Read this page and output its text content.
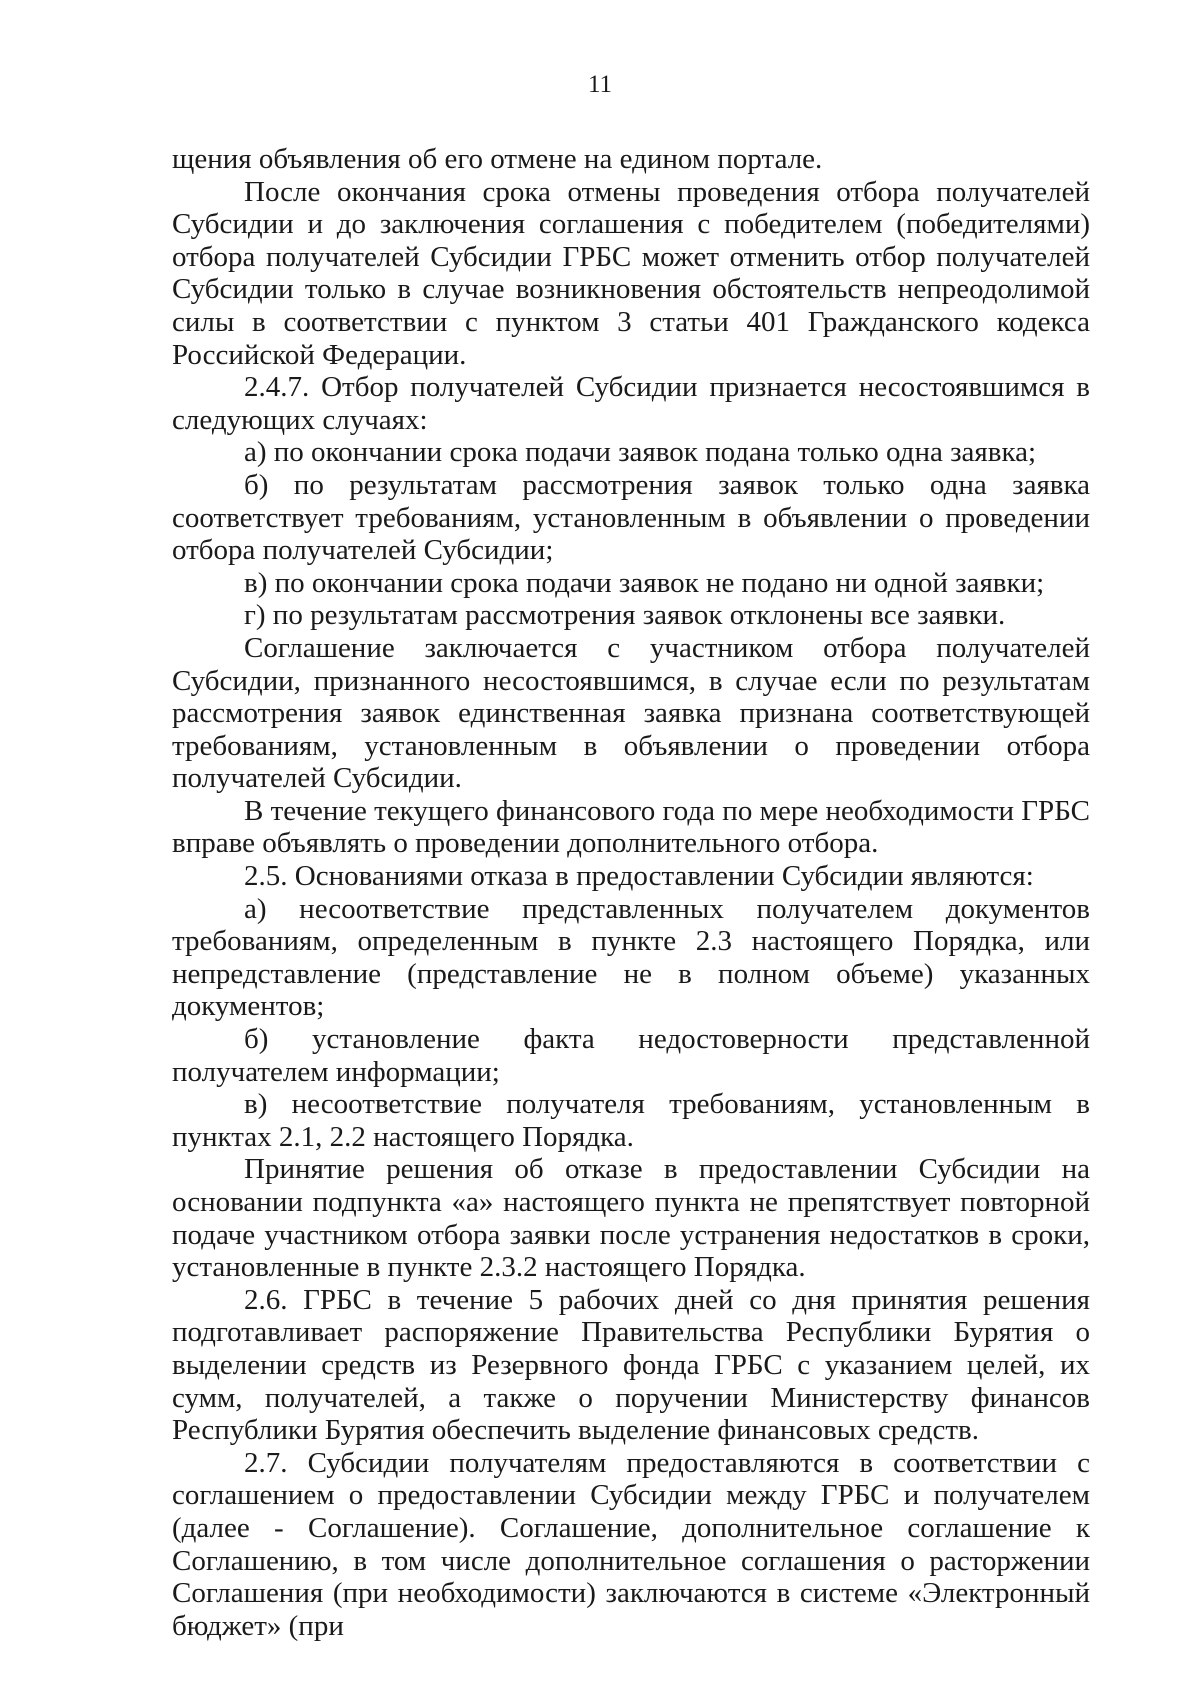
11

щения объявления об его отмене на едином портале.

После окончания срока отмены проведения отбора получателей Субсидии и до заключения соглашения с победителем (победителями) отбора получателей Субсидии ГРБС может отменить отбор получателей Субсидии только в случае возникновения обстоятельств непреодолимой силы в соответствии с пунктом 3 статьи 401 Гражданского кодекса Российской Федерации.

2.4.7. Отбор получателей Субсидии признается несостоявшимся в следующих случаях:

а) по окончании срока подачи заявок подана только одна заявка;

б) по результатам рассмотрения заявок только одна заявка соответствует требованиям, установленным в объявлении о проведении отбора получателей Субсидии;

в) по окончании срока подачи заявок не подано ни одной заявки;

г) по результатам рассмотрения заявок отклонены все заявки.

Соглашение заключается с участником отбора получателей Субсидии, признанного несостоявшимся, в случае если по результатам рассмотрения заявок единственная заявка признана соответствующей требованиям, установленным в объявлении о проведении отбора получателей Субсидии.

В течение текущего финансового года по мере необходимости ГРБС вправе объявлять о проведении дополнительного отбора.

2.5. Основаниями отказа в предоставлении Субсидии являются:

а) несоответствие представленных получателем документов требованиям, определенным в пункте 2.3 настоящего Порядка, или непредставление (представление не в полном объеме) указанных документов;

б) установление факта недостоверности представленной получателем информации;

в) несоответствие получателя требованиям, установленным в пунктах 2.1, 2.2 настоящего Порядка.

Принятие решения об отказе в предоставлении Субсидии на основании подпункта «а» настоящего пункта не препятствует повторной подаче участником отбора заявки после устранения недостатков в сроки, установленные в пункте 2.3.2 настоящего Порядка.

2.6. ГРБС в течение 5 рабочих дней со дня принятия решения подготавливает распоряжение Правительства Республики Бурятия о выделении средств из Резервного фонда ГРБС с указанием целей, их сумм, получателей, а также о поручении Министерству финансов Республики Бурятия обеспечить выделение финансовых средств.

2.7. Субсидии получателям предоставляются в соответствии с соглашением о предоставлении Субсидии между ГРБС и получателем (далее - Соглашение). Соглашение, дополнительное соглашение к Соглашению, в том числе дополнительное соглашения о расторжении Соглашения (при необходимости) заключаются в системе «Электронный бюджет» (при
